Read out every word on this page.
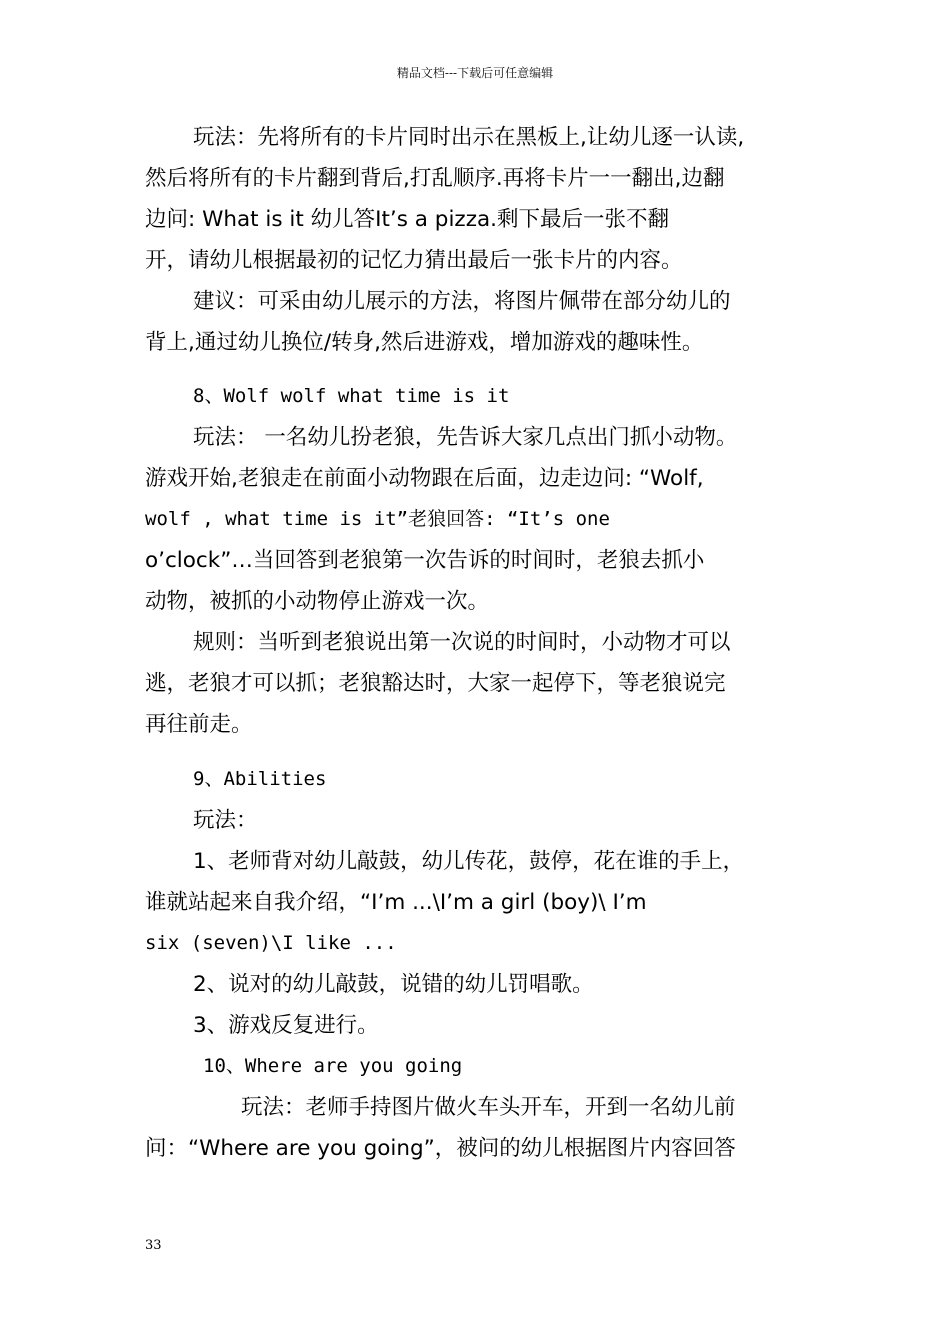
精品文档---下载后可任意编辑
玩法：先将所有的卡片同时出示在黑板上,让幼儿逐一认读,
然后将所有的卡片翻到背后,打乱顺序.再将卡片一一翻出,边翻
边问: What is it 幼儿答It’s a pizza.剩下最后一张不翻
开，请幼儿根据最初的记忆力猜出最后一张卡片的内容。
建议：可采由幼儿展示的方法，将图片佩带在部分幼儿的
背上,通过幼儿换位/转身,然后进游戏，增加游戏的趣味性。
8、Wolf wolf what time is it
玩法： 一名幼儿扮老狼，先告诉大家几点出门抓小动物。
游戏开始,老狼走在前面小动物跟在后面，边走边问: “Wolf,
wolf , what time is it”老狼回答: “It’s one
o’clock”…当回答到老狼第一次告诉的时间时，老狼去抓小
动物，被抓的小动物停止游戏一次。
规则：当听到老狼说出第一次说的时间时，小动物才可以
逃，老狼才可以抓；老狼豁达时，大家一起停下，等老狼说完
再往前走。
9、Abilities
玩法：
1、老师背对幼儿敲鼓，幼儿传花，鼓停，花在谁的手上，
谁就站起来自我介绍，“I’m ...\I’m a girl (boy)\ I’m
six (seven)\I like ...
2、说对的幼儿敲鼓，说错的幼儿罚唱歌。
3、游戏反复进行。
10、Where are you going
玩法：老师手持图片做火车头开车，开到一名幼儿前
问：“Where are you going”，被问的幼儿根据图片内容回答
33
